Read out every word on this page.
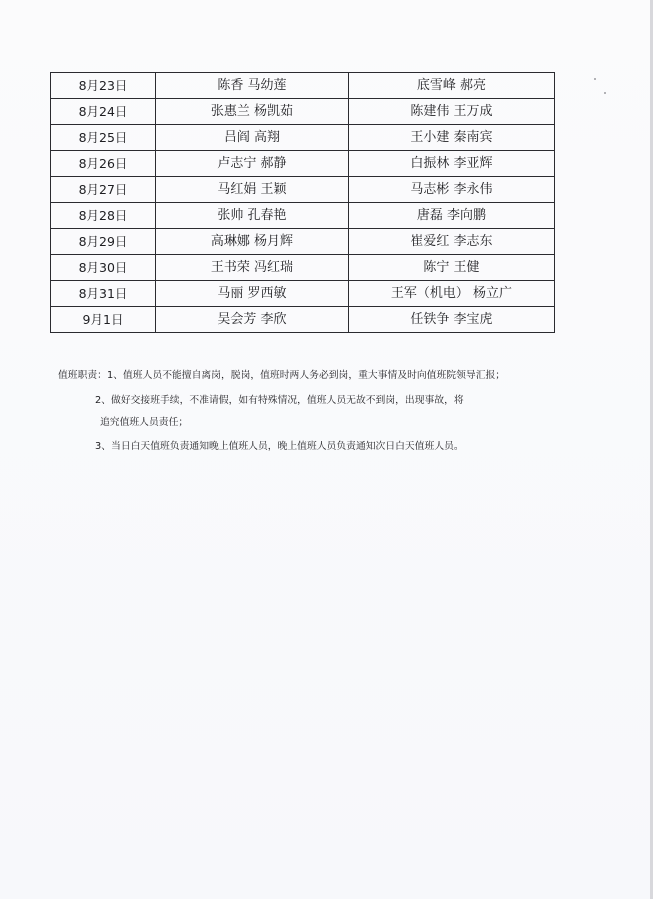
8月23日	陈香 马幼莲	底雪峰 郝亮
8月24日	张惠兰 杨凯茹	陈建伟 王万成
8月25日	吕阎 高翔	王小建 秦南宾
8月26日	卢志宁 郝静	白振林 李亚辉
8月27日	马红娟 王颖	马志彬 李永伟
8月28日	张帅 孔春艳	唐磊 李向鹏
8月29日	高琳娜 杨月辉	崔爱红 李志东
8月30日	王书荣 冯红瑞	陈宁 王健
8月31日	马丽 罗西敏	王军（机电） 杨立广
9月1日	吴会芳 李欣	任铁争 李宝虎
值班职责：1、值班人员不能擅自离岗，脱岗，值班时两人务必到岗，重大事情及时向值班院领导汇报；
2、做好交接班手续，不准请假，如有特殊情况，值班人员无故不到岗，出现事故，将
追究值班人员责任；
3、当日白天值班负责通知晚上值班人员，晚上值班人员负责通知次日白天值班人员。
